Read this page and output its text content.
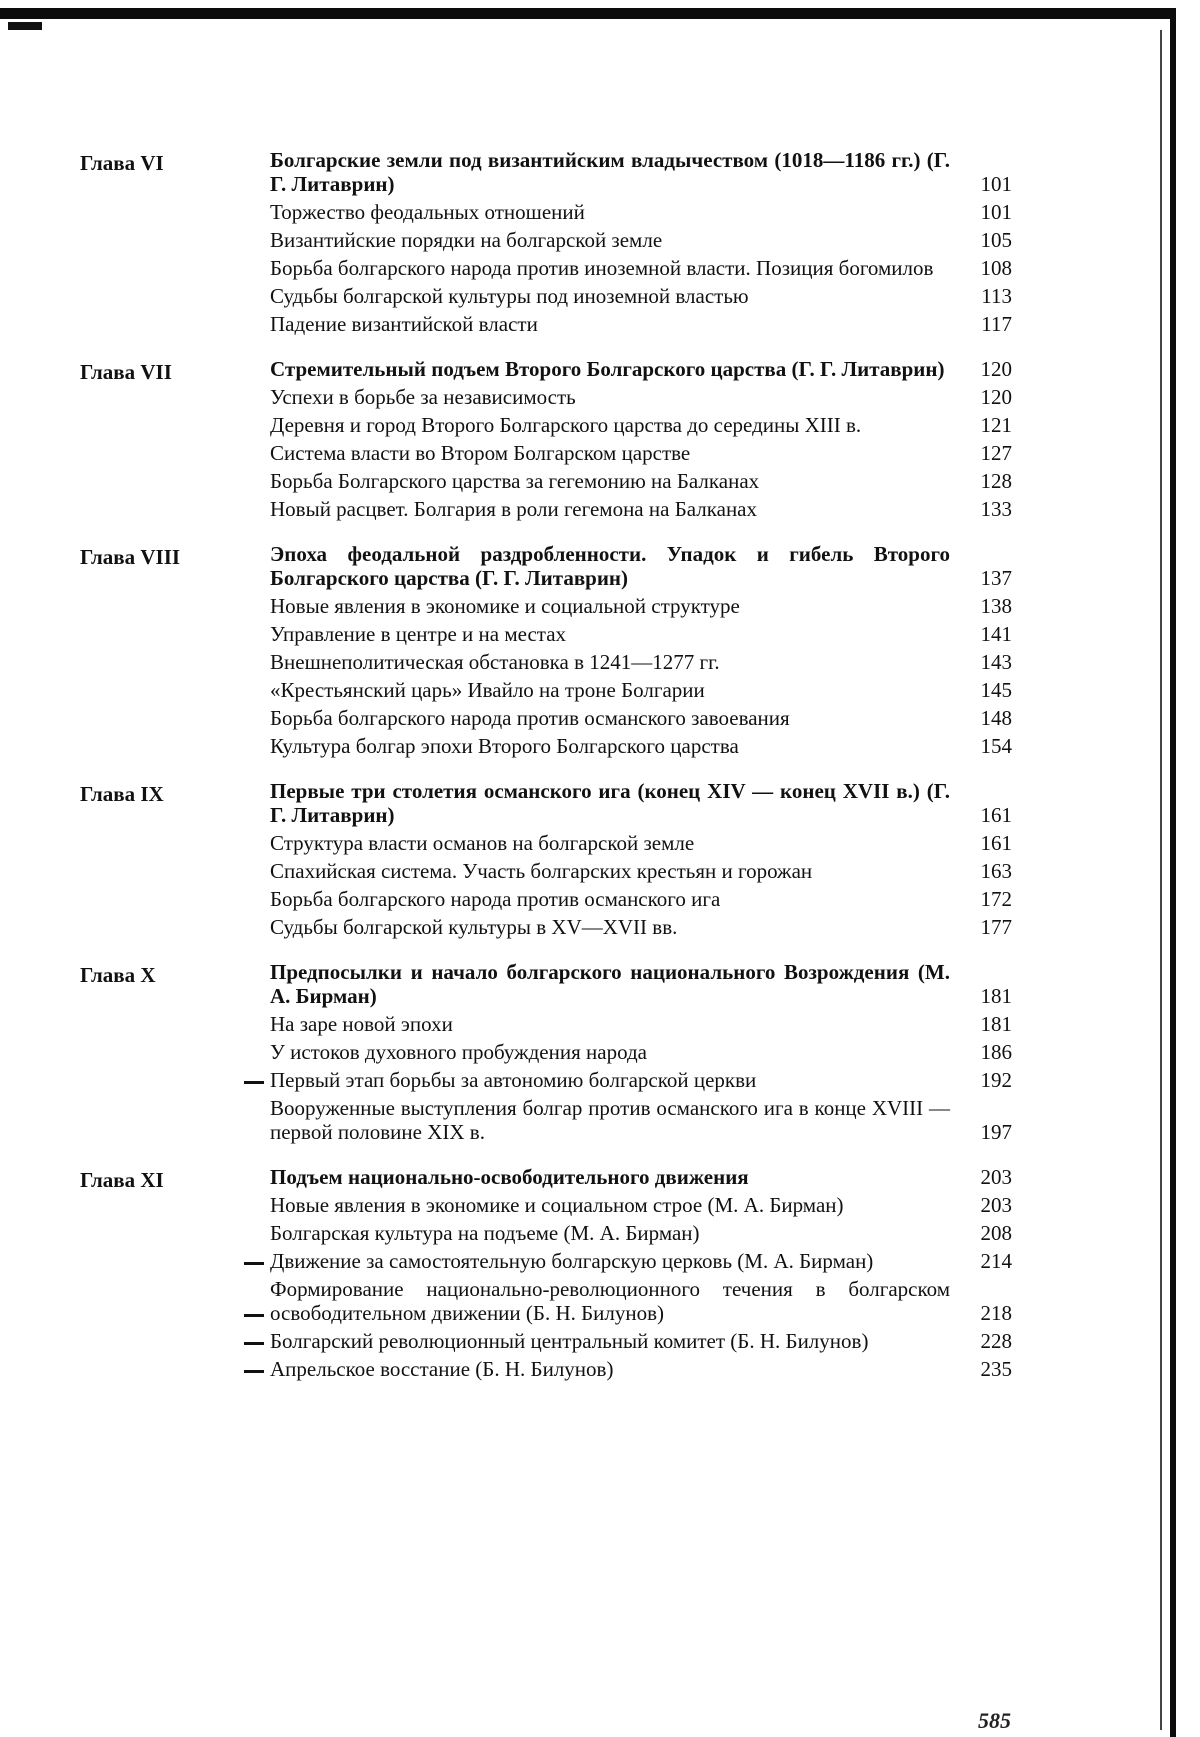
Глава VI	Болгарские земли под византийским владычеством (1018—1186 гг.) (Г. Г. Литаврин)	101
Торжество феодальных отношений	101
Византийские порядки на болгарской земле	105
Борьба болгарского народа против иноземной власти. Позиция богомилов	108
Судьбы болгарской культуры под иноземной властью	113
Падение византийской власти	117
Глава VII	Стремительный подъем Второго Болгарского царства (Г. Г. Литаврин)	120
Успехи в борьбе за независимость	120
Деревня и город Второго Болгарского царства до середины XIII в.	121
Система власти во Втором Болгарском царстве	127
Борьба Болгарского царства за гегемонию на Балканах	128
Новый расцвет. Болгария в роли гегемона на Балканах	133
Глава VIII	Эпоха феодальной раздробленности. Упадок и гибель Второго Болгарского царства (Г. Г. Литаврин)	137
Новые явления в экономике и социальной структуре	138
Управление в центре и на местах	141
Внешнеполитическая обстановка в 1241—1277 гг.	143
«Крестьянский царь» Ивайло на троне Болгарии	145
Борьба болгарского народа против османского завоевания	148
Культура болгар эпохи Второго Болгарского царства	154
Глава IX	Первые три столетия османского ига (конец XIV — конец XVII в.) (Г. Г. Литаврин)	161
Структура власти османов на болгарской земле	161
Спахийская система. Участь болгарских крестьян и горожан	163
Борьба болгарского народа против османского ига	172
Судьбы болгарской культуры в XV—XVII вв.	177
Глава X	Предпосылки и начало болгарского национального Возрождения (М. А. Бирман)	181
На заре новой эпохи	181
У истоков духовного пробуждения народа	186
Первый этап борьбы за автономию болгарской церкви	192
Вооруженные выступления болгар против османского ига в конце XVIII — первой половине XIX в.	197
Глава XI	Подъем национально-освободительного движения	203
Новые явления в экономике и социальном строе (М. А. Бирман)	203
Болгарская культура на подъеме (М. А. Бирман)	208
Движение за самостоятельную болгарскую церковь (М. А. Бирман)	214
Формирование национально-революционного течения в болгарском освободительном движении (Б. Н. Билунов)	218
Болгарский революционный центральный комитет (Б. Н. Билунов)	228
Апрельское восстание (Б. Н. Билунов)	235
585
